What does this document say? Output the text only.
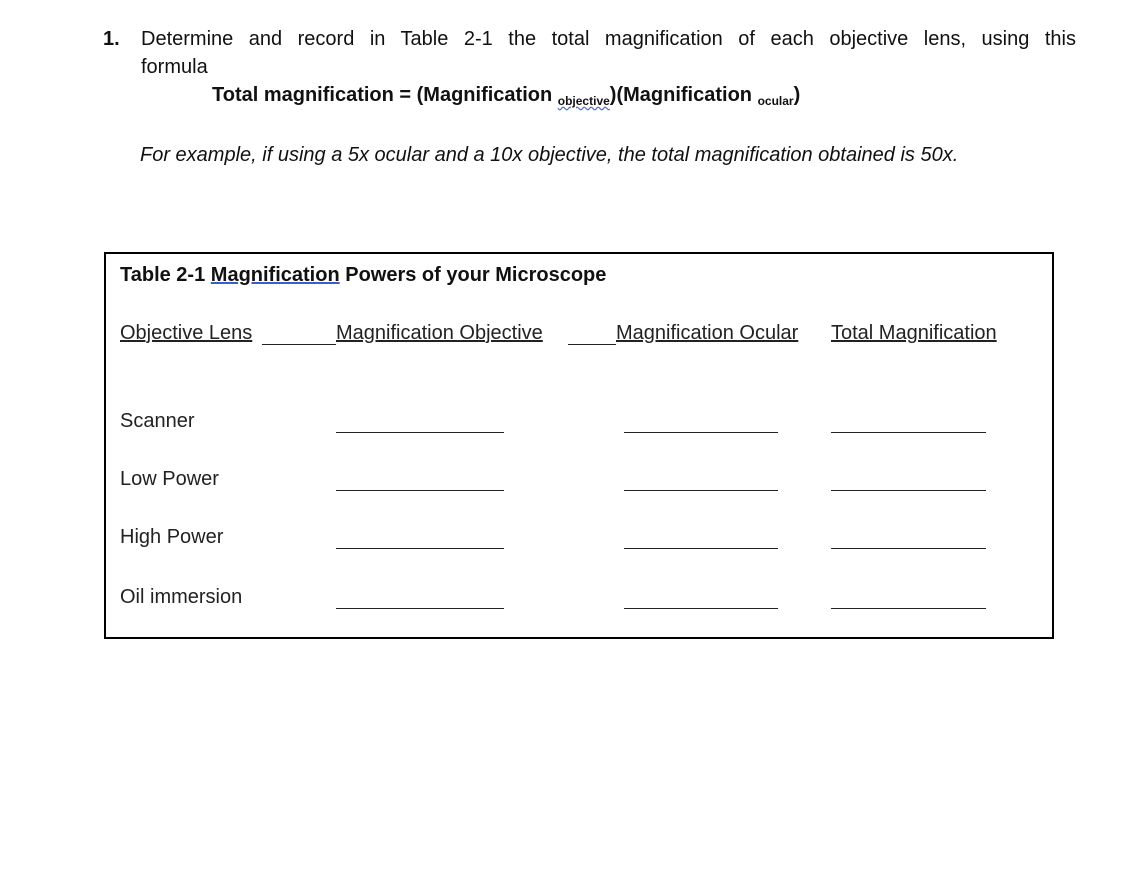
1. Determine and record in Table 2-1 the total magnification of each objective lens, using this
formula
Total magnification = (Magnification $_{objective}$)(Magnification $_{ocular}$)
For example, if using a 5x ocular and a 10x objective, the total magnification obtained is 50x.
Table 2-1 Magnification Powers of your Microscope
Objective Lens	Magnification Objective	Magnification Ocular Total Magnification
Scanner
Low Power
High Power
Oil immersion
